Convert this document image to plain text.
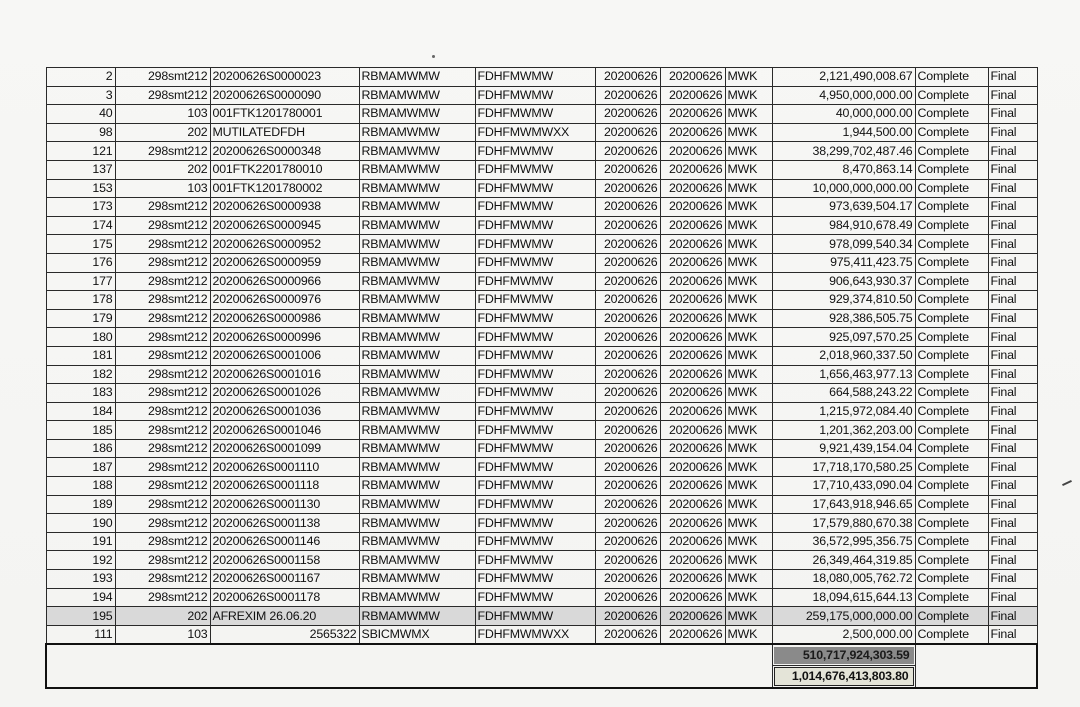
2	298smt212	20200626S0000023	RBMAMWMW	FDHFMWMW	20200626	20200626	MWK	2,121,490,008.67	Complete	Final
3	298smt212	20200626S0000090	RBMAMWMW	FDHFMWMW	20200626	20200626	MWK	4,950,000,000.00	Complete	Final
40	103	001FTK1201780001	RBMAMWMW	FDHFMWMW	20200626	20200626	MWK	40,000,000.00	Complete	Final
98	202	MUTILATEDFDH	RBMAMWMW	FDHFMWMWXX	20200626	20200626	MWK	1,944,500.00	Complete	Final
121	298smt212	20200626S0000348	RBMAMWMW	FDHFMWMW	20200626	20200626	MWK	38,299,702,487.46	Complete	Final
137	202	001FTK2201780010	RBMAMWMW	FDHFMWMW	20200626	20200626	MWK	8,470,863.14	Complete	Final
153	103	001FTK1201780002	RBMAMWMW	FDHFMWMW	20200626	20200626	MWK	10,000,000,000.00	Complete	Final
173	298smt212	20200626S0000938	RBMAMWMW	FDHFMWMW	20200626	20200626	MWK	973,639,504.17	Complete	Final
174	298smt212	20200626S0000945	RBMAMWMW	FDHFMWMW	20200626	20200626	MWK	984,910,678.49	Complete	Final
175	298smt212	20200626S0000952	RBMAMWMW	FDHFMWMW	20200626	20200626	MWK	978,099,540.34	Complete	Final
176	298smt212	20200626S0000959	RBMAMWMW	FDHFMWMW	20200626	20200626	MWK	975,411,423.75	Complete	Final
177	298smt212	20200626S0000966	RBMAMWMW	FDHFMWMW	20200626	20200626	MWK	906,643,930.37	Complete	Final
178	298smt212	20200626S0000976	RBMAMWMW	FDHFMWMW	20200626	20200626	MWK	929,374,810.50	Complete	Final
179	298smt212	20200626S0000986	RBMAMWMW	FDHFMWMW	20200626	20200626	MWK	928,386,505.75	Complete	Final
180	298smt212	20200626S0000996	RBMAMWMW	FDHFMWMW	20200626	20200626	MWK	925,097,570.25	Complete	Final
181	298smt212	20200626S0001006	RBMAMWMW	FDHFMWMW	20200626	20200626	MWK	2,018,960,337.50	Complete	Final
182	298smt212	20200626S0001016	RBMAMWMW	FDHFMWMW	20200626	20200626	MWK	1,656,463,977.13	Complete	Final
183	298smt212	20200626S0001026	RBMAMWMW	FDHFMWMW	20200626	20200626	MWK	664,588,243.22	Complete	Final
184	298smt212	20200626S0001036	RBMAMWMW	FDHFMWMW	20200626	20200626	MWK	1,215,972,084.40	Complete	Final
185	298smt212	20200626S0001046	RBMAMWMW	FDHFMWMW	20200626	20200626	MWK	1,201,362,203.00	Complete	Final
186	298smt212	20200626S0001099	RBMAMWMW	FDHFMWMW	20200626	20200626	MWK	9,921,439,154.04	Complete	Final
187	298smt212	20200626S0001110	RBMAMWMW	FDHFMWMW	20200626	20200626	MWK	17,718,170,580.25	Complete	Final
188	298smt212	20200626S0001118	RBMAMWMW	FDHFMWMW	20200626	20200626	MWK	17,710,433,090.04	Complete	Final
189	298smt212	20200626S0001130	RBMAMWMW	FDHFMWMW	20200626	20200626	MWK	17,643,918,946.65	Complete	Final
190	298smt212	20200626S0001138	RBMAMWMW	FDHFMWMW	20200626	20200626	MWK	17,579,880,670.38	Complete	Final
191	298smt212	20200626S0001146	RBMAMWMW	FDHFMWMW	20200626	20200626	MWK	36,572,995,356.75	Complete	Final
192	298smt212	20200626S0001158	RBMAMWMW	FDHFMWMW	20200626	20200626	MWK	26,349,464,319.85	Complete	Final
193	298smt212	20200626S0001167	RBMAMWMW	FDHFMWMW	20200626	20200626	MWK	18,080,005,762.72	Complete	Final
194	298smt212	20200626S0001178	RBMAMWMW	FDHFMWMW	20200626	20200626	MWK	18,094,615,644.13	Complete	Final
195	202	AFREXIM 26.06.20	RBMAMWMW	FDHFMWMW	20200626	20200626	MWK	259,175,000,000.00	Complete	Final
111	103	2565322	SBICMWMX	FDHFMWMWXX	20200626	20200626	MWK	2,500,000.00	Complete	Final

								510,717,924,303.59		

								1,014,676,413,803.80		
